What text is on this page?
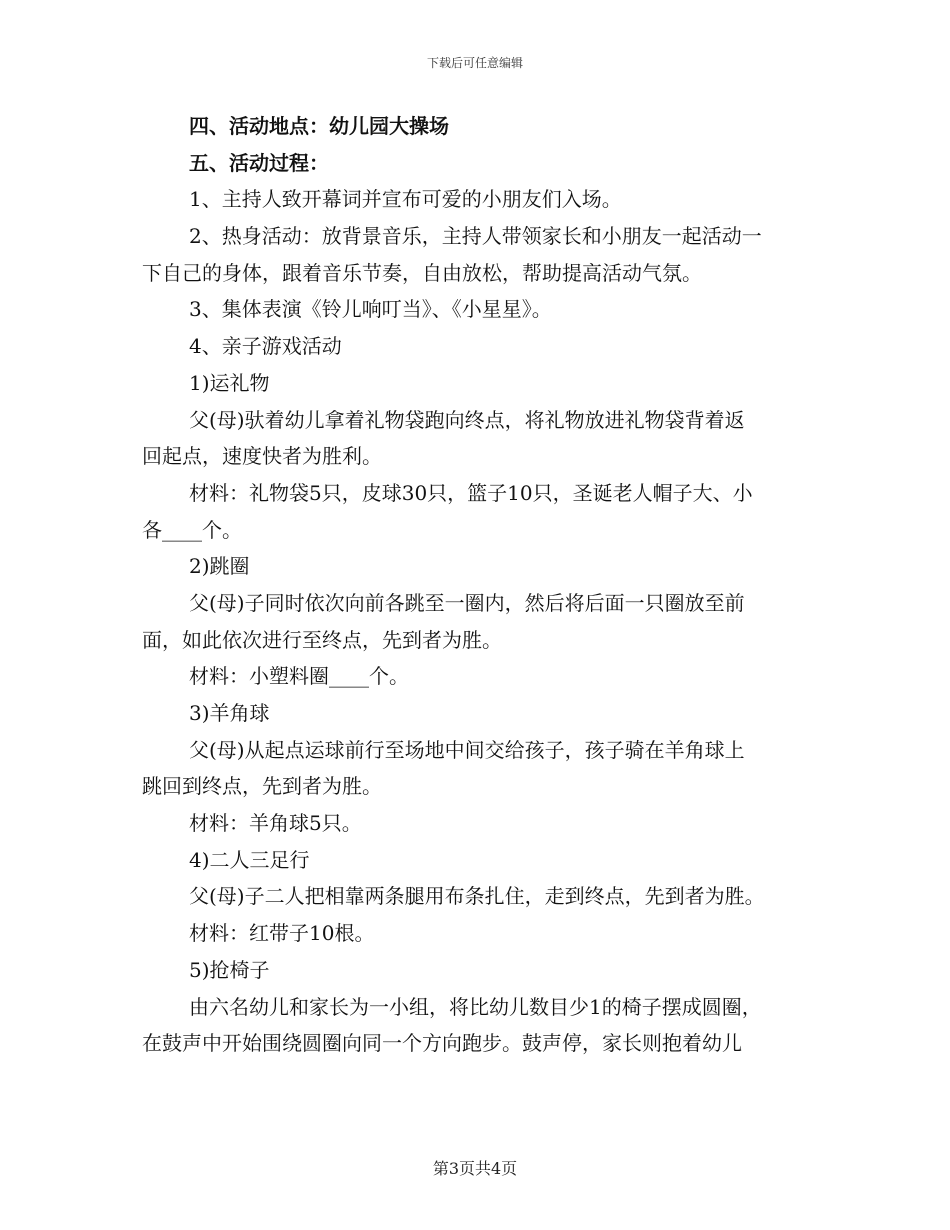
下载后可任意编辑
四、活动地点：幼儿园大操场
五、活动过程：
1、主持人致开幕词并宣布可爱的小朋友们入场。
2、热身活动：放背景音乐，主持人带领家长和小朋友一起活动一
下自己的身体，跟着音乐节奏，自由放松，帮助提高活动气氛。
3、集体表演《铃儿响叮当》、《小星星》。
4、亲子游戏活动
1)运礼物
父(母)驮着幼儿拿着礼物袋跑向终点，将礼物放进礼物袋背着返
回起点，速度快者为胜利。
材料：礼物袋5只，皮球30只，篮子10只，圣诞老人帽子大、小
各____个。
2)跳圈
父(母)子同时依次向前各跳至一圈内，然后将后面一只圈放至前
面，如此依次进行至终点，先到者为胜。
材料：小塑料圈____个。
3)羊角球
父(母)从起点运球前行至场地中间交给孩子，孩子骑在羊角球上
跳回到终点，先到者为胜。
材料：羊角球5只。
4)二人三足行
父(母)子二人把相靠两条腿用布条扎住，走到终点，先到者为胜。
材料：红带子10根。
5)抢椅子
由六名幼儿和家长为一小组，将比幼儿数目少1的椅子摆成圆圈，
在鼓声中开始围绕圆圈向同一个方向跑步。鼓声停，家长则抱着幼儿
第3页共4页
